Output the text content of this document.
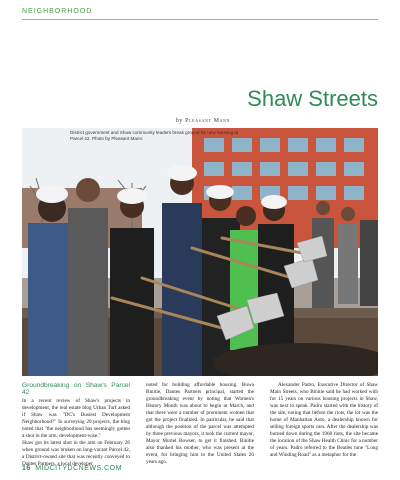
NEIGHBORHOOD
Shaw Streets
by Pleasant Mann
District government and Shaw community leaders break ground for new housing at Parcel 42. Photo by Pleasant Mann.
Groundbreaking on Shaw's Parcel 42
In a recent review of Shaw's projects in development, the real estate blog Urban Turf asked if Shaw was "DC's Busiest Development Neighborhood?" In surveying 20 projects, the blog noted that "the neighborhood has seemingly gotten a shot in the arm, development-wise."
Shaw got its latest shot in the arm on February 26 when ground was broken on long-vacant Parcel 42, a District-owned site that was recently conveyed to Dantes Partners, a local developer
noted for building affordable housing. Buwa Binitie, Dantes Partners principal, started the groundbreaking event by noting that Women's History Month was about to begin in March, and that there were a number of prominent women that got the project finalized. In particular, he said that although the position of the parcel was attempted by three previous mayors, it took the current mayor, Mayor Muriel Bowser, to get it finished. Binitie also thanked his mother, who was present at the event, for bringing him to the United States 20 years ago.
Alexander Padro, Executive Director of Shaw Main Streets, who Binitie said he had worked with for 15 years on various housing projects in Shaw, was next to speak. Padro started with the history of the site, noting that before the riots, the lot was the home of Manhattan Auto, a dealership known for selling foreign sports cars. After the dealership was burned down during the 1968 riots, the site became the location of the Shaw Health Clinic for a number of years. Padro referred to the Beatles tune "Long and Winding Road" as a metaphor for the
16 MIDCITYDCNEWS.COM
